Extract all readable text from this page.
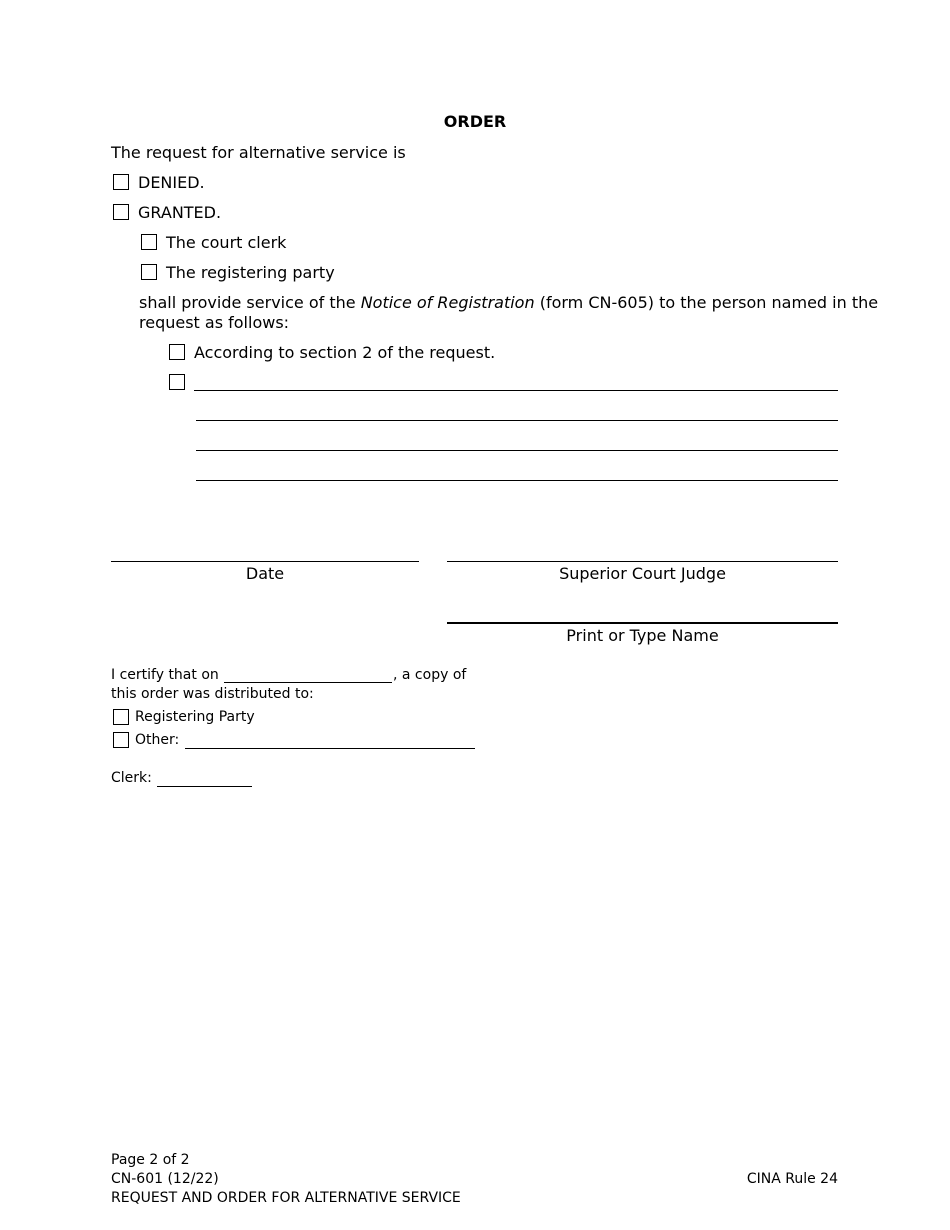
ORDER
The request for alternative service is
DENIED.
GRANTED.
The court clerk
The registering party
shall provide service of the Notice of Registration (form CN-605) to the person named in the
request as follows:
According to section 2 of the request.
Date	Superior Court Judge
Print or Type Name
I certify that on	, a copy of
this order was distributed to:
Registering Party
Other:
Clerk:
Page 2 of 2
CN-601 (12/22)
REQUEST AND ORDER FOR ALTERNATIVE SERVICE
CINA Rule 24
